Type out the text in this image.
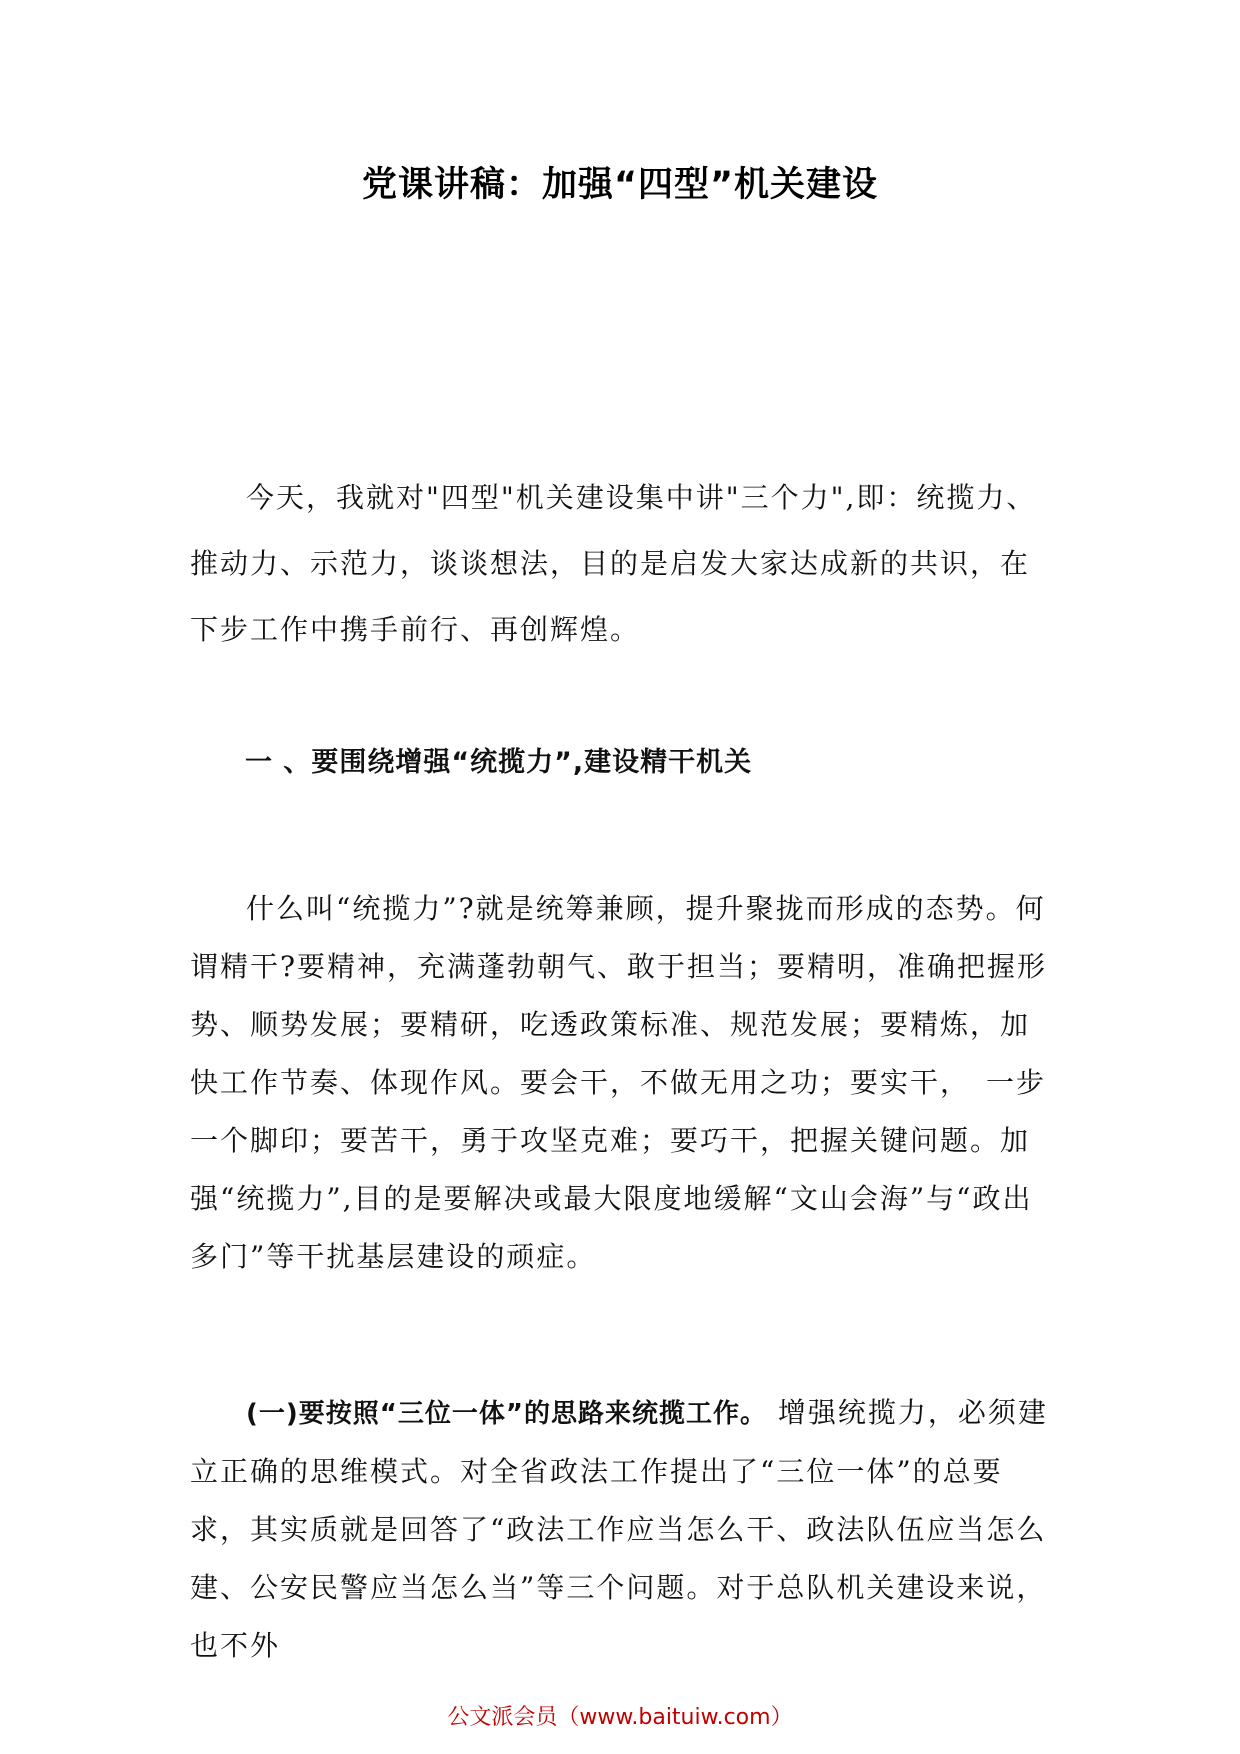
党课讲稿：加强“四型”机关建设

今天，我就对"四型"机关建设集中讲"三个力",即：统揽力、推动力、示范力，谈谈想法，目的是启发大家达成新的共识，在下步工作中携手前行、再创辉煌。

一 、要围绕增强“统揽力”,建设精干机关

什么叫“统揽力”?就是统筹兼顾，提升聚拢而形成的态势。何谓精干?要精神，充满蓬勃朝气、敢于担当；要精明，准确把握形势、顺势发展；要精研，吃透政策标准、规范发展；要精炼，加快工作节奏、体现作风。要会干，不做无用之功；要实干，　一步一个脚印；要苦干，勇于攻坚克难；要巧干，把握关键问题。加强“统揽力”,目的是要解决或最大限度地缓解“文山会海”与“政出多门”等干扰基层建设的顽症。

(一)要按照“三位一体”的思路来统揽工作。 增强统揽力，必须建立正确的思维模式。对全省政法工作提出了“三位一体”的总要求，其实质就是回答了“政法工作应当怎么干、政法队伍应当怎么建、公安民警应当怎么当”等三个问题。对于总队机关建设来说，也不外

公文派会员（www.baituiw.com）
